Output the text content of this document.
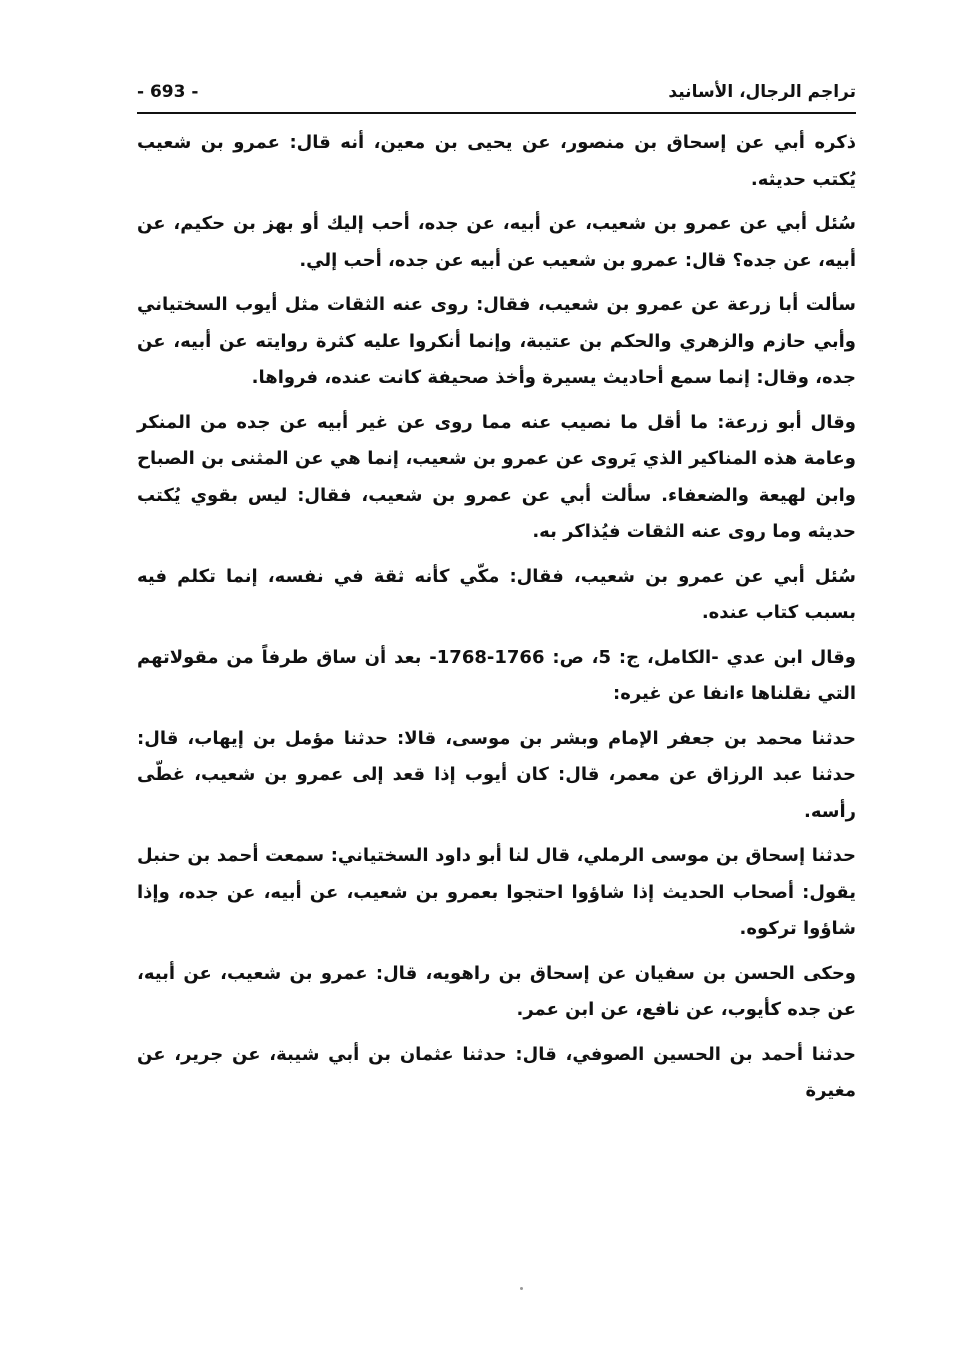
تراجم الرجال، الأسانيد
- 693 -

ذكره أبي عن إسحاق بن منصور، عن يحيى بن معين، أنه قال: عمرو بن شعيب يُكتب حديثه.

سُئل أبي عن عمرو بن شعيب، عن أبيه، عن جده، أحب إليك أو بهز بن حكيم، عن أبيه، عن جده؟ قال: عمرو بن شعيب عن أبيه عن جده، أحب إلي.

سألت أبا زرعة عن عمرو بن شعيب، فقال: روى عنه الثقات مثل أيوب السختياني وأبي حازم والزهري والحكم بن عتيبة، وإنما أنكروا عليه كثرة روايته عن أبيه، عن جده، وقال: إنما سمع أحاديث يسيرة وأخذ صحيفة كانت عنده، فرواها.

وقال أبو زرعة: ما أقل ما نصيب عنه مما روى عن غير أبيه عن جده من المنكر وعامة هذه المناكير الذي يَروى عن عمرو بن شعيب، إنما هي عن المثنى بن الصباح وابن لهيعة والضعفاء. سألت أبي عن عمرو بن شعيب، فقال: ليس بقوي يُكتب حديثه وما روى عنه الثقات فيُذاكر به.

سُئل أبي عن عمرو بن شعيب، فقال: مكّي كأنه ثقة في نفسه، إنما تكلم فيه بسبب كتاب عنده.

وقال ابن عدي -الكامل، ج: 5، ص: 1766-1768- بعد أن ساق طرفاً من مقولاتهم التي نقلناها ءانفا عن غيره:

حدثنا محمد بن جعفر الإمام وبشر بن موسى، قالا: حدثنا مؤمل بن إيهاب، قال: حدثنا عبد الرزاق عن معمر، قال: كان أيوب إذا قعد إلى عمرو بن شعيب، غطّى رأسه.

حدثنا إسحاق بن موسى الرملي، قال لنا أبو داود السختياني: سمعت أحمد بن حنبل يقول: أصحاب الحديث إذا شاؤوا احتجوا بعمرو بن شعيب، عن أبيه، عن جده، وإذا شاؤوا تركوه.

وحكى الحسن بن سفيان عن إسحاق بن راهويه، قال: عمرو بن شعيب، عن أبيه، عن جده كأيوب، عن نافع، عن ابن عمر.

حدثنا أحمد بن الحسين الصوفي، قال: حدثنا عثمان بن أبي شيبة، عن جرير، عن مغيرة
